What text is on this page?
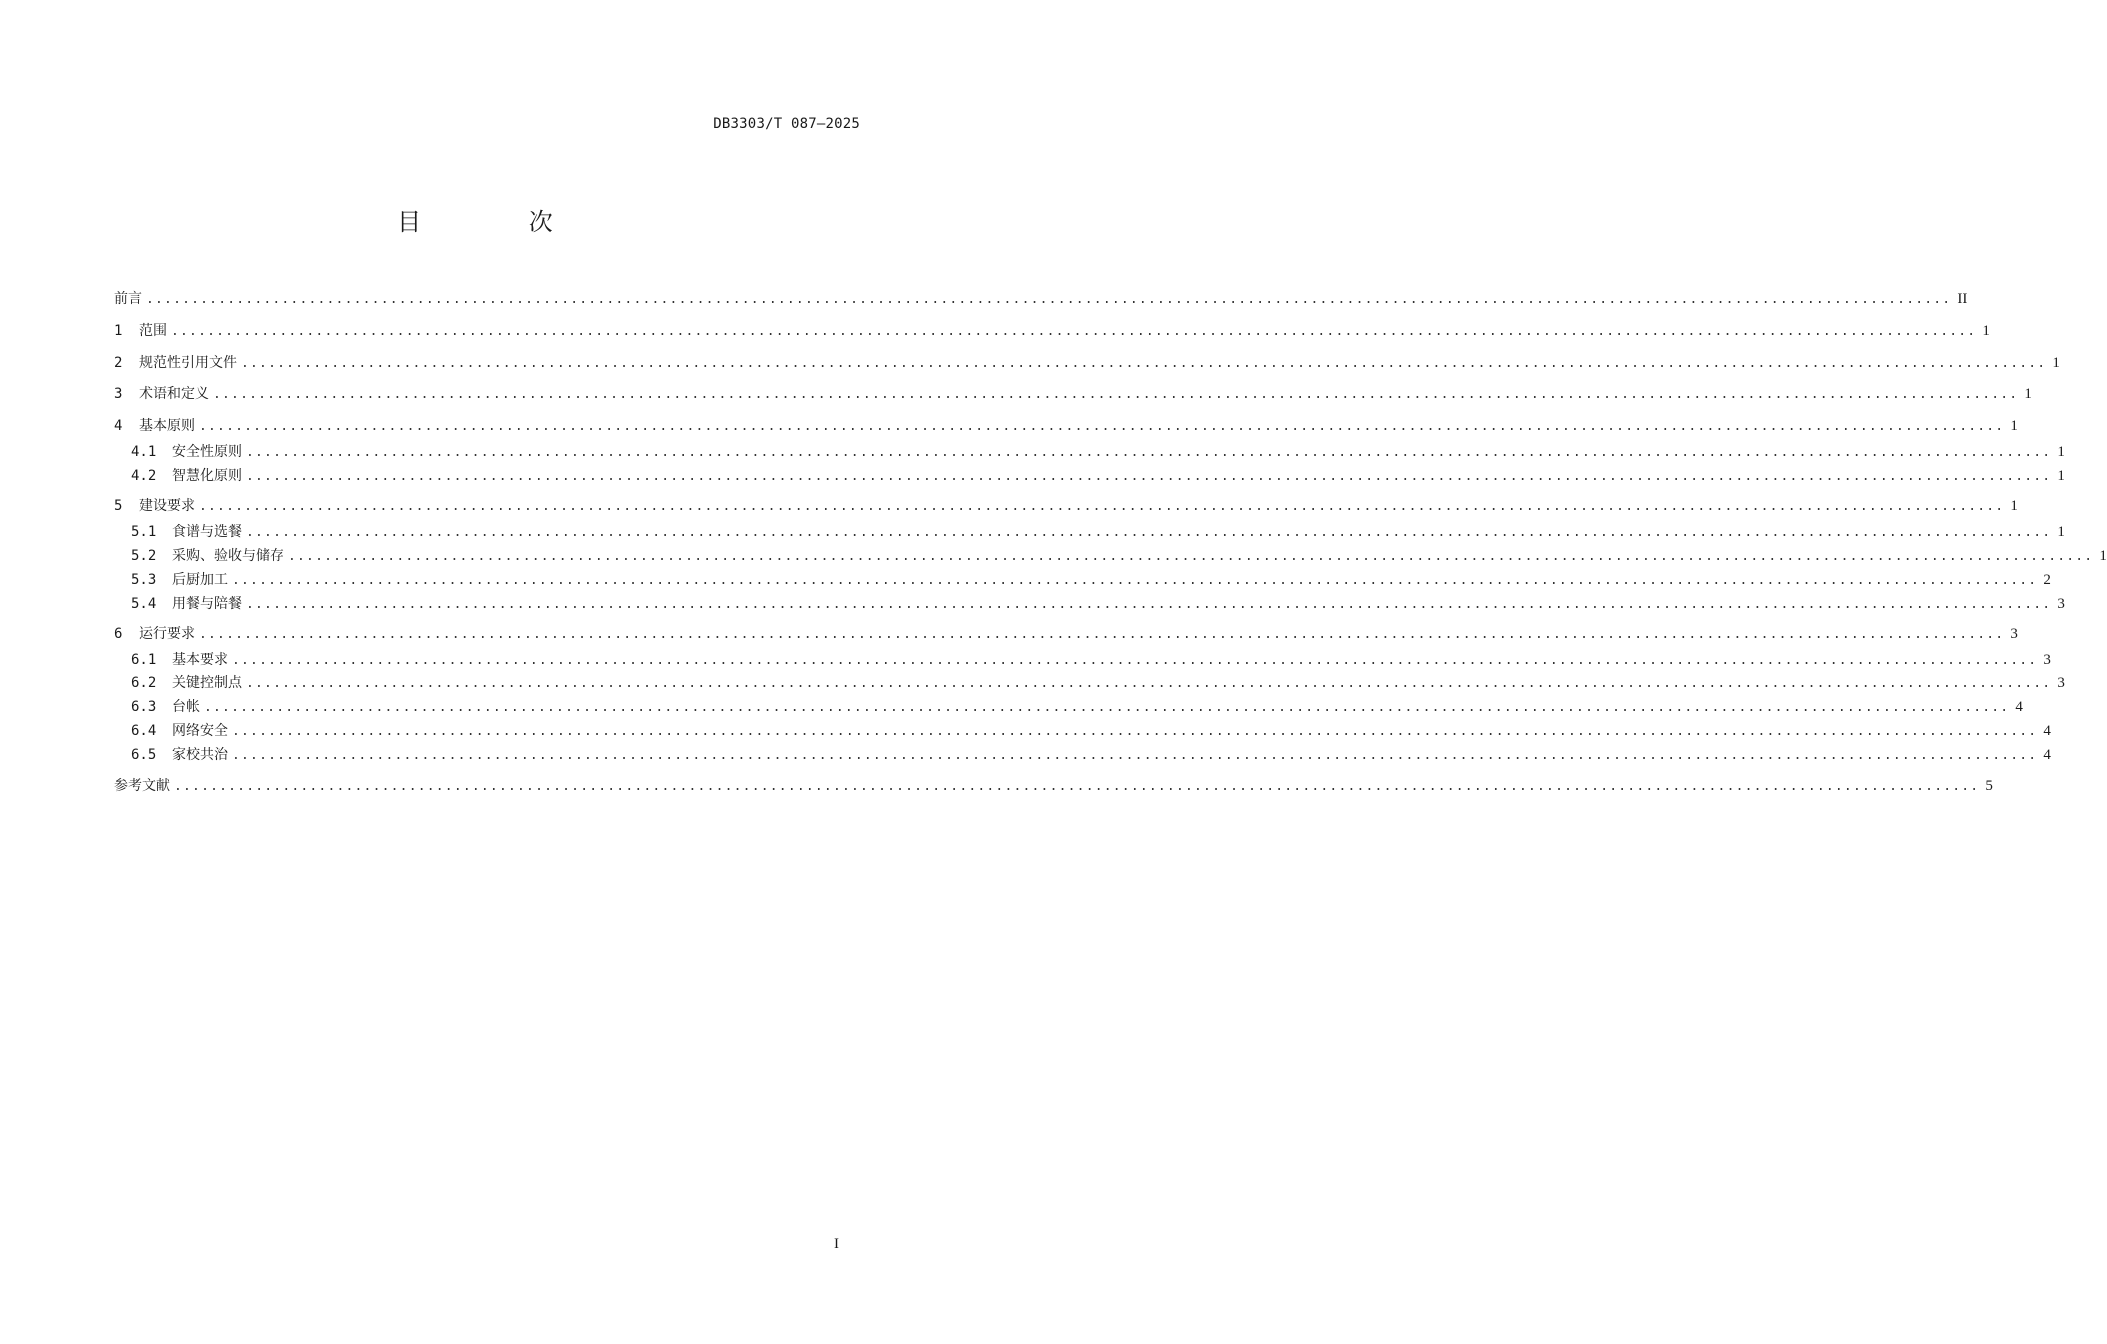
DB3303/T 087—2025
目 次
前言 ........................................................................................................................................................................................................ II
1	范围 ........................................................................................................................................................................................................ 1
2	规范性引用文件 ........................................................................................................................................................................................................ 1
3	术语和定义 ........................................................................................................................................................................................................ 1
4	基本原则 ........................................................................................................................................................................................................ 1
4.1	安全性原则 ........................................................................................................................................................................................................ 1
4.2	智慧化原则 ........................................................................................................................................................................................................ 1
5	建设要求 ........................................................................................................................................................................................................ 1
5.1	食谱与选餐 ........................................................................................................................................................................................................ 1
5.2	采购、验收与储存 ........................................................................................................................................................................................................ 1
5.3	后厨加工 ........................................................................................................................................................................................................ 2
5.4	用餐与陪餐 ........................................................................................................................................................................................................ 3
6	运行要求 ........................................................................................................................................................................................................ 3
6.1	基本要求 ........................................................................................................................................................................................................ 3
6.2	关键控制点 ........................................................................................................................................................................................................ 3
6.3	台帐 ........................................................................................................................................................................................................ 4
6.4	网络安全 ........................................................................................................................................................................................................ 4
6.5	家校共治 ........................................................................................................................................................................................................ 4
参考文献 ........................................................................................................................................................................................................ 5
I
